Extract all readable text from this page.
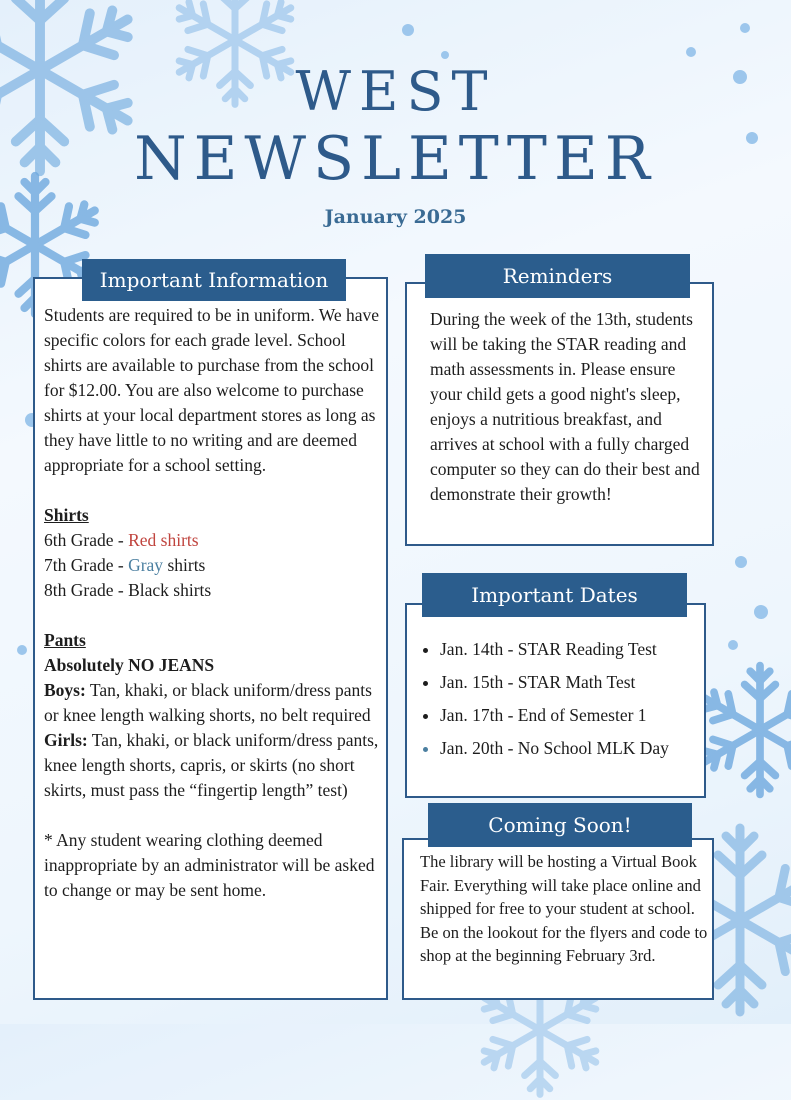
WEST
NEWSLETTER
January 2025
Important Information
Students are required to be in uniform. We have specific colors for each grade level. School shirts are available to purchase from the school for $12.00. You are also welcome to purchase shirts at your local department stores as long as they have little to no writing and are deemed appropriate for a school setting.
Shirts
6th Grade - Red shirts
7th Grade - Gray shirts
8th Grade - Black shirts
Pants
Absolutely NO JEANS
Boys: Tan, khaki, or black uniform/dress pants or knee length walking shorts, no belt required
Girls: Tan, khaki, or black uniform/dress pants, knee length shorts, capris, or skirts (no short skirts, must pass the “fingertip length” test)
* Any student wearing clothing deemed inappropriate by an administrator will be asked to change or may be sent home.
Reminders
During the week of the 13th, students will be taking the STAR reading and math assessments in. Please ensure your child gets a good night's sleep, enjoys a nutritious breakfast, and arrives at school with a fully charged computer so they can do their best and demonstrate their growth!
Important Dates
• Jan. 14th - STAR Reading Test
• Jan. 15th - STAR Math Test
• Jan. 17th - End of Semester 1
• Jan. 20th - No School MLK Day
Coming Soon!
The library will be hosting a Virtual Book Fair. Everything will take place online and shipped for free to your student at school. Be on the lookout for the flyers and code to shop at the beginning February 3rd.
